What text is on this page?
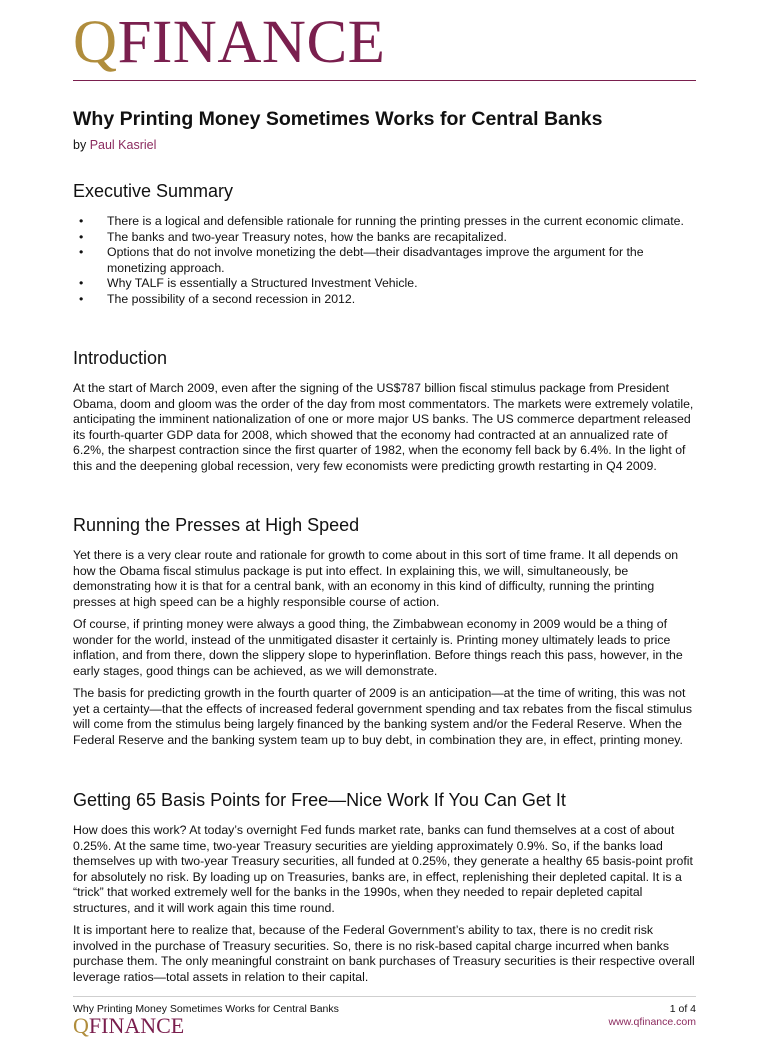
QFINANCE
Why Printing Money Sometimes Works for Central Banks
by Paul Kasriel
Executive Summary
• There is a logical and defensible rationale for running the printing presses in the current economic climate.
• The banks and two-year Treasury notes, how the banks are recapitalized.
• Options that do not involve monetizing the debt—their disadvantages improve the argument for the monetizing approach.
• Why TALF is essentially a Structured Investment Vehicle.
• The possibility of a second recession in 2012.
Introduction

At the start of March 2009, even after the signing of the US$787 billion fiscal stimulus package from President Obama, doom and gloom was the order of the day from most commentators. The markets were extremely volatile, anticipating the imminent nationalization of one or more major US banks. The US commerce department released its fourth-quarter GDP data for 2008, which showed that the economy had contracted at an annualized rate of 6.2%, the sharpest contraction since the first quarter of 1982, when the economy fell back by 6.4%. In the light of this and the deepening global recession, very few economists were predicting growth restarting in Q4 2009.

Running the Presses at High Speed

Yet there is a very clear route and rationale for growth to come about in this sort of time frame. It all depends on how the Obama fiscal stimulus package is put into effect. In explaining this, we will, simultaneously, be demonstrating how it is that for a central bank, with an economy in this kind of difficulty, running the printing presses at high speed can be a highly responsible course of action.

Of course, if printing money were always a good thing, the Zimbabwean economy in 2009 would be a thing of wonder for the world, instead of the unmitigated disaster it certainly is. Printing money ultimately leads to price inflation, and from there, down the slippery slope to hyperinflation. Before things reach this pass, however, in the early stages, good things can be achieved, as we will demonstrate.

The basis for predicting growth in the fourth quarter of 2009 is an anticipation—at the time of writing, this was not yet a certainty—that the effects of increased federal government spending and tax rebates from the fiscal stimulus will come from the stimulus being largely financed by the banking system and/or the Federal Reserve. When the Federal Reserve and the banking system team up to buy debt, in combination they are, in effect, printing money.

Getting 65 Basis Points for Free—Nice Work If You Can Get It

How does this work? At today’s overnight Fed funds market rate, banks can fund themselves at a cost of about 0.25%. At the same time, two-year Treasury securities are yielding approximately 0.9%. So, if the banks load themselves up with two-year Treasury securities, all funded at 0.25%, they generate a healthy 65 basis-point profit for absolutely no risk. By loading up on Treasuries, banks are, in effect, replenishing their depleted capital. It is a “trick” that worked extremely well for the banks in the 1990s, when they needed to repair depleted capital structures, and it will work again this time round.

It is important here to realize that, because of the Federal Government’s ability to tax, there is no credit risk involved in the purchase of Treasury securities. So, there is no risk-based capital charge incurred when banks purchase them. The only meaningful constraint on bank purchases of Treasury securities is their respective overall leverage ratios—total assets in relation to their capital.

Why Printing Money Sometimes Works for Central Banks	1 of 4
QFINANCE	www.qfinance.com
